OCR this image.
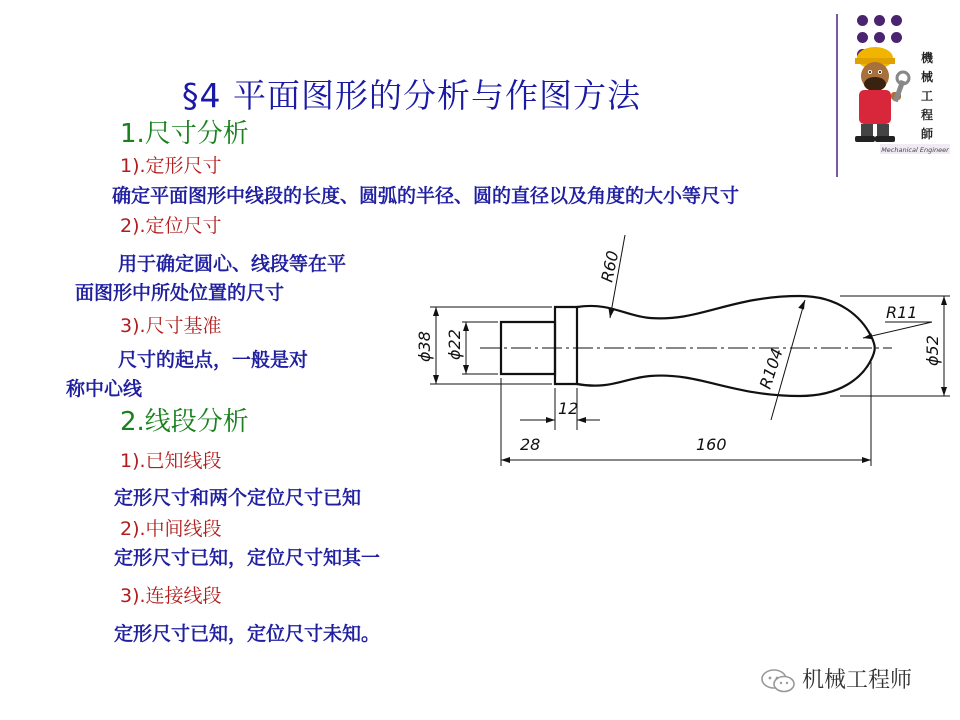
§4 平面图形的分析与作图方法
1.尺寸分析
1).定形尺寸
确定平面图形中线段的长度、圆弧的半径、圆的直径以及角度的大小等尺寸
2).定位尺寸
用于确定圆心、线段等在平
面图形中所处位置的尺寸
3).尺寸基准
尺寸的起点，一般是对
称中心线
2.线段分析
1).已知线段
定形尺寸和两个定位尺寸已知
2).中间线段
定形尺寸已知，定位尺寸知其一
3).连接线段
定形尺寸已知，定位尺寸未知。
機
械
工
程
師
Mechanical Engineer
R60
R11
R104
ϕ38 ϕ22	ϕ52
12
28	160
机械工程师
